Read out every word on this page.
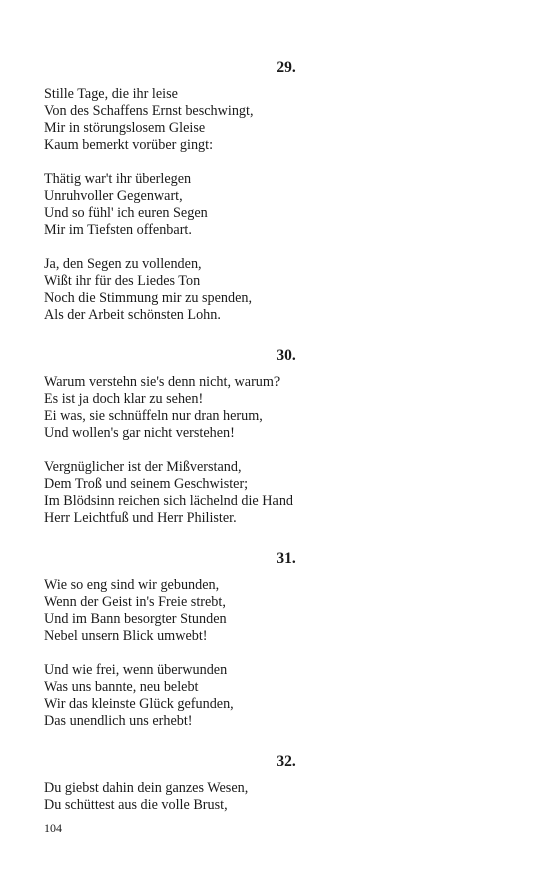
29.
Stille Tage, die ihr leise
Von des Schaffens Ernst beschwingt,
Mir in störungslosem Gleise
Kaum bemerkt vorüber gingt:
Thätig war't ihr überlegen
Unruhvoller Gegenwart,
Und so fühl' ich euren Segen
Mir im Tiefsten offenbart.
Ja, den Segen zu vollenden,
Wißt ihr für des Liedes Ton
Noch die Stimmung mir zu spenden,
Als der Arbeit schönsten Lohn.
30.
Warum verstehn sie's denn nicht, warum?
Es ist ja doch klar zu sehen!
Ei was, sie schnüffeln nur dran herum,
Und wollen's gar nicht verstehen!
Vergnüglicher ist der Mißverstand,
Dem Troß und seinem Geschwister;
Im Blödsinn reichen sich lächelnd die Hand
Herr Leichtfuß und Herr Philister.
31.
Wie so eng sind wir gebunden,
Wenn der Geist in's Freie strebt,
Und im Bann besorgter Stunden
Nebel unsern Blick umwebt!
Und wie frei, wenn überwunden
Was uns bannte, neu belebt
Wir das kleinste Glück gefunden,
Das unendlich uns erhebt!
32.
Du giebst dahin dein ganzes Wesen,
Du schüttest aus die volle Brust,
104
